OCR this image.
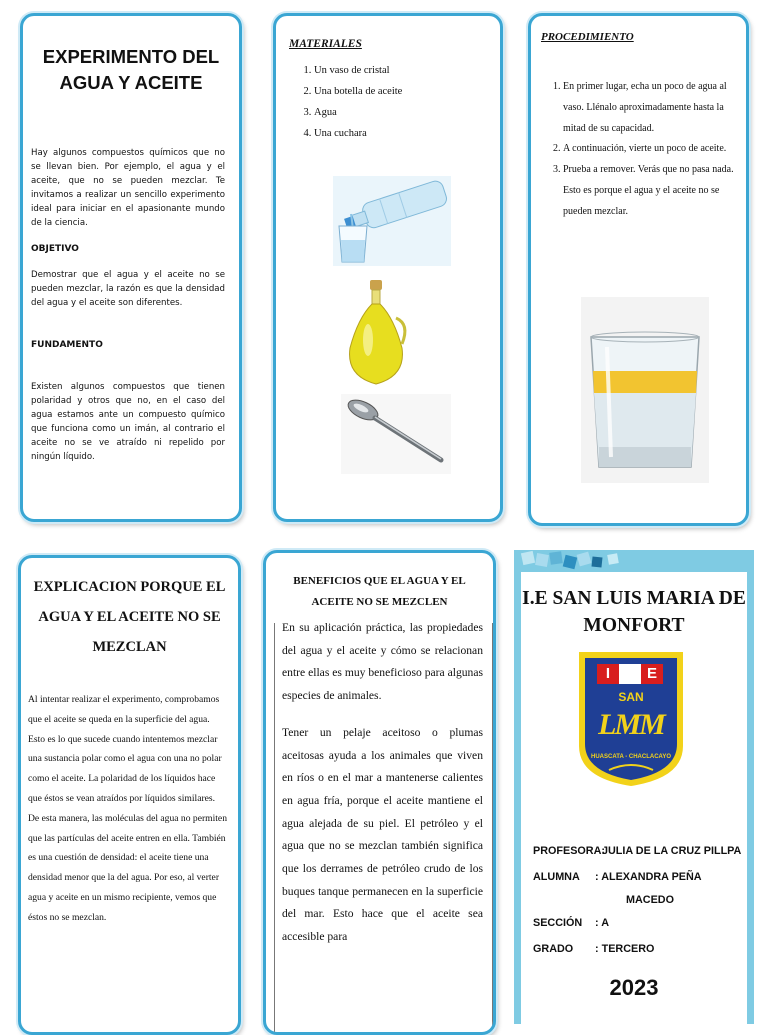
EXPERIMENTO DEL AGUA Y ACEITE

Hay algunos compuestos químicos que no se llevan bien. Por ejemplo, el agua y el aceite, que no se pueden mezclar. Te invitamos a realizar un sencillo experimento ideal para iniciar en el apasionante mundo de la ciencia.

OBJETIVO

Demostrar que el agua y el aceite no se pueden mezclar, la razón es que la densidad del agua y el aceite son diferentes.

FUNDAMENTO

Existen algunos compuestos que tienen polaridad y otros que no, en el caso del agua estamos ante un compuesto químico que funciona como un imán, al contrario el aceite no se ve atraído ni repelido por ningún líquido.

MATERIALES
1. Un vaso de cristal
2. Una botella de aceite
3. Agua
4. Una cuchara
PROCEDIMIENTO
1. En primer lugar, echa un poco de agua al vaso. Llénalo aproximadamente hasta la mitad de su capacidad.
2. A continuación, vierte un poco de aceite.
3. Prueba a remover. Verás que no pasa nada. Esto es porque el agua y el aceite no se pueden mezclar.
EXPLICACION PORQUE EL AGUA Y EL ACEITE NO SE MEZCLAN

Al intentar realizar el experimento, comprobamos que el aceite se queda en la superficie del agua. Esto es lo que sucede cuando intentemos mezclar una sustancia polar como el agua con una no polar como el aceite. La polaridad de los líquidos hace que éstos se vean atraídos por líquidos similares. De esta manera, las moléculas del agua no permiten que las partículas del aceite entren en ella. También es una cuestión de densidad: el aceite tiene una densidad menor que la del agua. Por eso, al verter agua y aceite en un mismo recipiente, vemos que éstos no se mezclan.

BENEFICIOS QUE EL AGUA Y EL ACEITE NO SE MEZCLEN

En su aplicación práctica, las propiedades del agua y el aceite y cómo se relacionan entre ellas es muy beneficioso para algunas especies de animales.

Tener un pelaje aceitoso o plumas aceitosas ayuda a los animales que viven en ríos o en el mar a mantenerse calientes en agua fría, porque el aceite mantiene el agua alejada de su piel. El petróleo y el agua que no se mezclan también significa que los derrames de petróleo crudo de los buques tanque permanecen en la superficie del mar. Esto hace que el aceite sea accesible para

I.E SAN LUIS MARIA DE MONFORT
I	E
SAN
LMM
HUASCATA - CHACLACAYO
PROFESORA:
JULIA DE LA CRUZ PILLPA
ALUMNA : ALEXANDRA PEÑA
MACEDO
SECCIÓN : A
GRADO : TERCERO
2023
